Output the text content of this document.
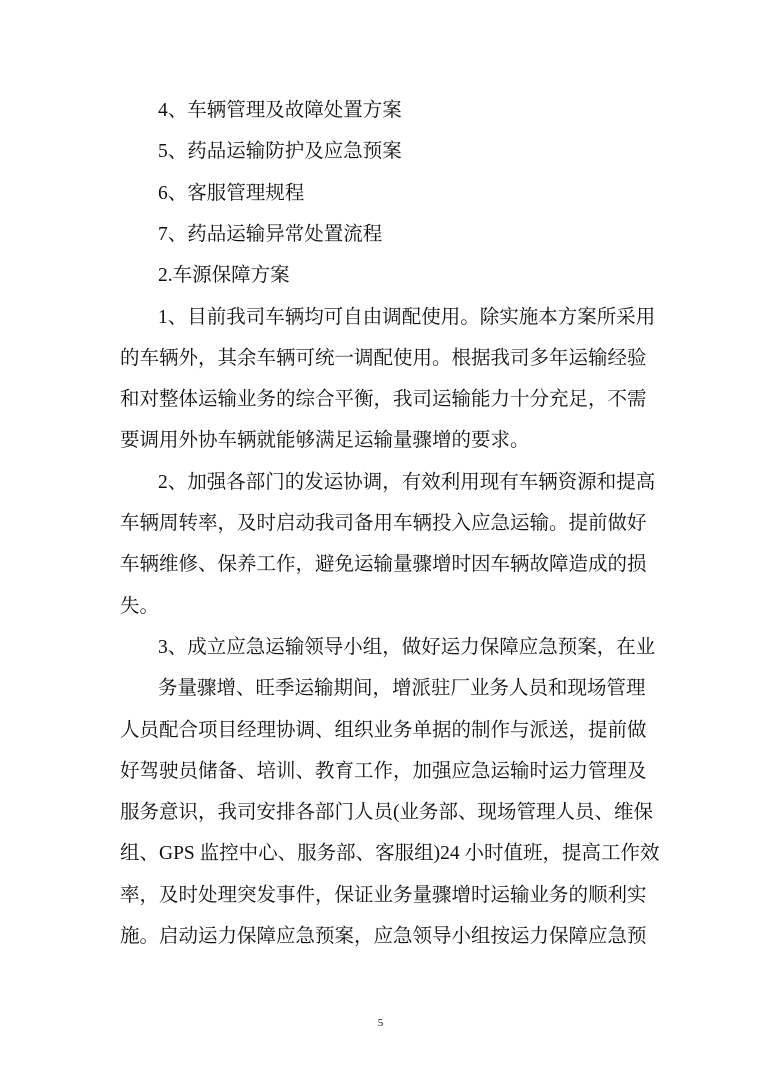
4、车辆管理及故障处置方案
5、药品运输防护及应急预案
6、客服管理规程
7、药品运输异常处置流程
2.车源保障方案
1、目前我司车辆均可自由调配使用。除实施本方案所采用
的车辆外，其余车辆可统一调配使用。根据我司多年运输经验
和对整体运输业务的综合平衡，我司运输能力十分充足，不需
要调用外协车辆就能够满足运输量骤增的要求。
2、加强各部门的发运协调，有效利用现有车辆资源和提高
车辆周转率，及时启动我司备用车辆投入应急运输。提前做好
车辆维修、保养工作，避免运输量骤增时因车辆故障造成的损
失。
3、成立应急运输领导小组，做好运力保障应急预案，在业
务量骤增、旺季运输期间，增派驻厂业务人员和现场管理
人员配合项目经理协调、组织业务单据的制作与派送，提前做
好驾驶员储备、培训、教育工作，加强应急运输时运力管理及
服务意识，我司安排各部门人员(业务部、现场管理人员、维保
组、GPS 监控中心、服务部、客服组)24 小时值班，提高工作效
率，及时处理突发事件，保证业务量骤增时运输业务的顺利实
施。启动运力保障应急预案，应急领导小组按运力保障应急预
5
